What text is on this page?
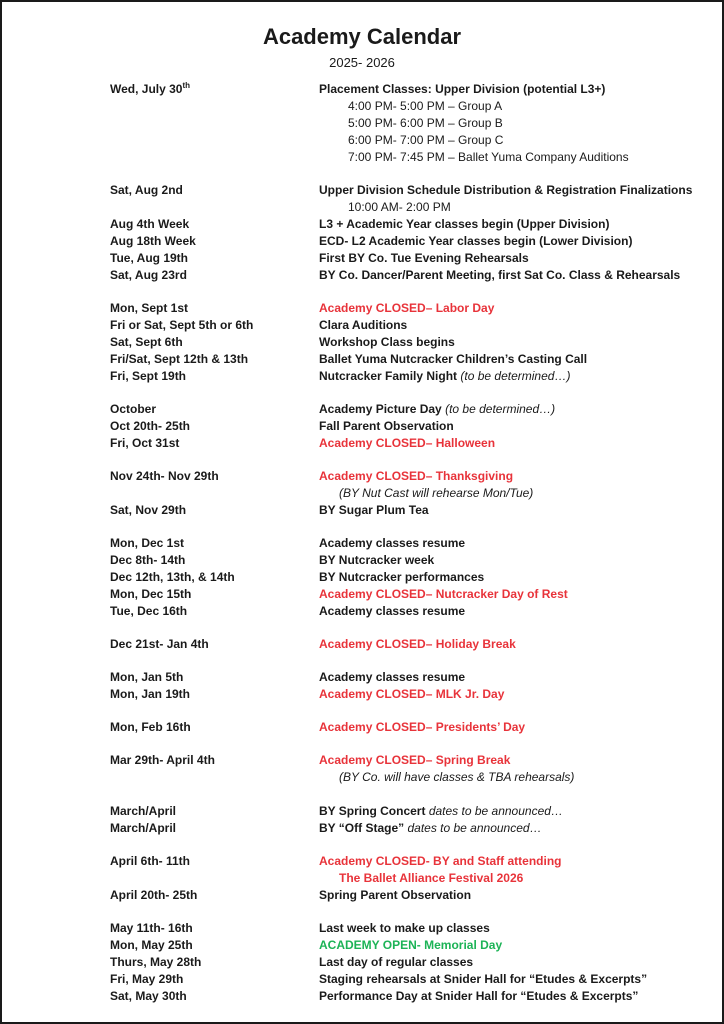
Academy Calendar
2025- 2026
Wed, July 30th	Placement Classes: Upper Division (potential L3+)
4:00 PM- 5:00 PM – Group A
5:00 PM- 6:00 PM – Group B
6:00 PM- 7:00 PM – Group C
7:00 PM- 7:45 PM – Ballet Yuma Company Auditions
Sat, Aug 2nd	Upper Division Schedule Distribution & Registration Finalizations
10:00 AM- 2:00 PM
Aug 4th Week	L3 + Academic Year classes begin (Upper Division)
Aug 18th Week	ECD- L2 Academic Year classes begin (Lower Division)
Tue, Aug 19th	First BY Co. Tue Evening Rehearsals
Sat, Aug 23rd	BY Co. Dancer/Parent Meeting, first Sat Co. Class & Rehearsals
Mon, Sept 1st	Academy CLOSED– Labor Day
Fri or Sat, Sept 5th or 6th	Clara Auditions
Sat, Sept 6th	Workshop Class begins
Fri/Sat, Sept 12th & 13th	Ballet Yuma Nutcracker Children’s Casting Call
Fri, Sept 19th	Nutcracker Family Night (to be determined…)
October	Academy Picture Day (to be determined…)
Oct 20th- 25th	Fall Parent Observation
Fri, Oct 31st	Academy CLOSED– Halloween
Nov 24th- Nov 29th	Academy CLOSED– Thanksgiving
(BY Nut Cast will rehearse Mon/Tue)
Sat, Nov 29th	BY Sugar Plum Tea
Mon, Dec 1st	Academy classes resume
Dec 8th- 14th	BY Nutcracker week
Dec 12th, 13th, & 14th	BY Nutcracker performances
Mon, Dec 15th	Academy CLOSED– Nutcracker Day of Rest
Tue, Dec 16th	Academy classes resume
Dec 21st- Jan 4th	Academy CLOSED– Holiday Break
Mon, Jan 5th	Academy classes resume
Mon, Jan 19th	Academy CLOSED– MLK Jr. Day
Mon, Feb 16th	Academy CLOSED– Presidents’ Day
Mar 29th- April 4th	Academy CLOSED– Spring Break
(BY Co. will have classes & TBA rehearsals)
March/April	BY Spring Concert dates to be announced…
March/April	BY “Off Stage” dates to be announced…
April 6th- 11th	Academy CLOSED- BY and Staff attending
The Ballet Alliance Festival 2026
April 20th- 25th	Spring Parent Observation
May 11th- 16th	Last week to make up classes
Mon, May 25th	ACADEMY OPEN- Memorial Day
Thurs, May 28th	Last day of regular classes
Fri, May 29th	Staging rehearsals at Snider Hall for “Etudes & Excerpts”
Sat, May 30th	Performance Day at Snider Hall for “Etudes & Excerpts”
